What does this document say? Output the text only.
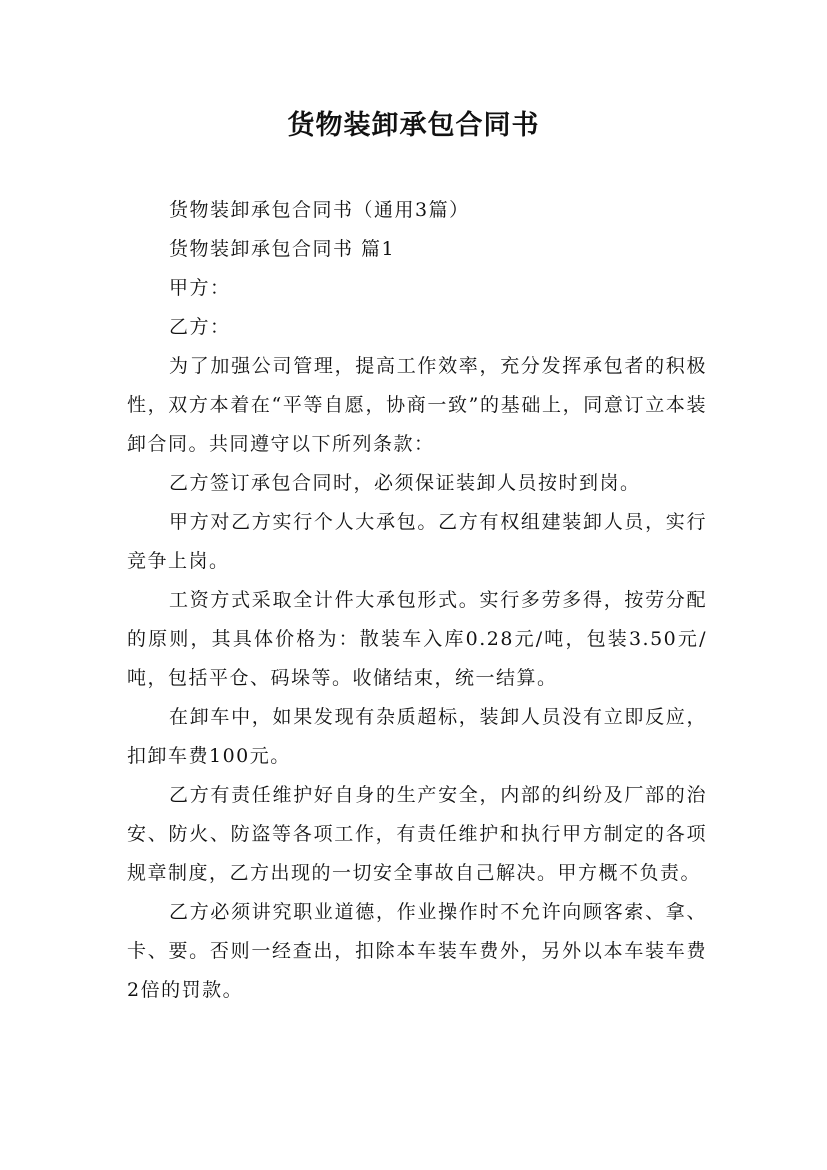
货物装卸承包合同书

货物装卸承包合同书（通用3篇）

货物装卸承包合同书 篇1

甲方：

乙方：

为了加强公司管理，提高工作效率，充分发挥承包者的积极性，双方本着在“平等自愿，协商一致”的基础上，同意订立本装卸合同。共同遵守以下所列条款：

乙方签订承包合同时，必须保证装卸人员按时到岗。

甲方对乙方实行个人大承包。乙方有权组建装卸人员，实行竞争上岗。

工资方式采取全计件大承包形式。实行多劳多得，按劳分配的原则，其具体价格为：散装车入库0.28元/吨，包装3.50元/吨，包括平仓、码垛等。收储结束，统一结算。

在卸车中，如果发现有杂质超标，装卸人员没有立即反应，扣卸车费100元。

乙方有责任维护好自身的生产安全，内部的纠纷及厂部的治安、防火、防盗等各项工作，有责任维护和执行甲方制定的各项规章制度，乙方出现的一切安全事故自己解决。甲方概不负责。

乙方必须讲究职业道德，作业操作时不允许向顾客索、拿、卡、要。否则一经查出，扣除本车装车费外，另外以本车装车费2倍的罚款。
